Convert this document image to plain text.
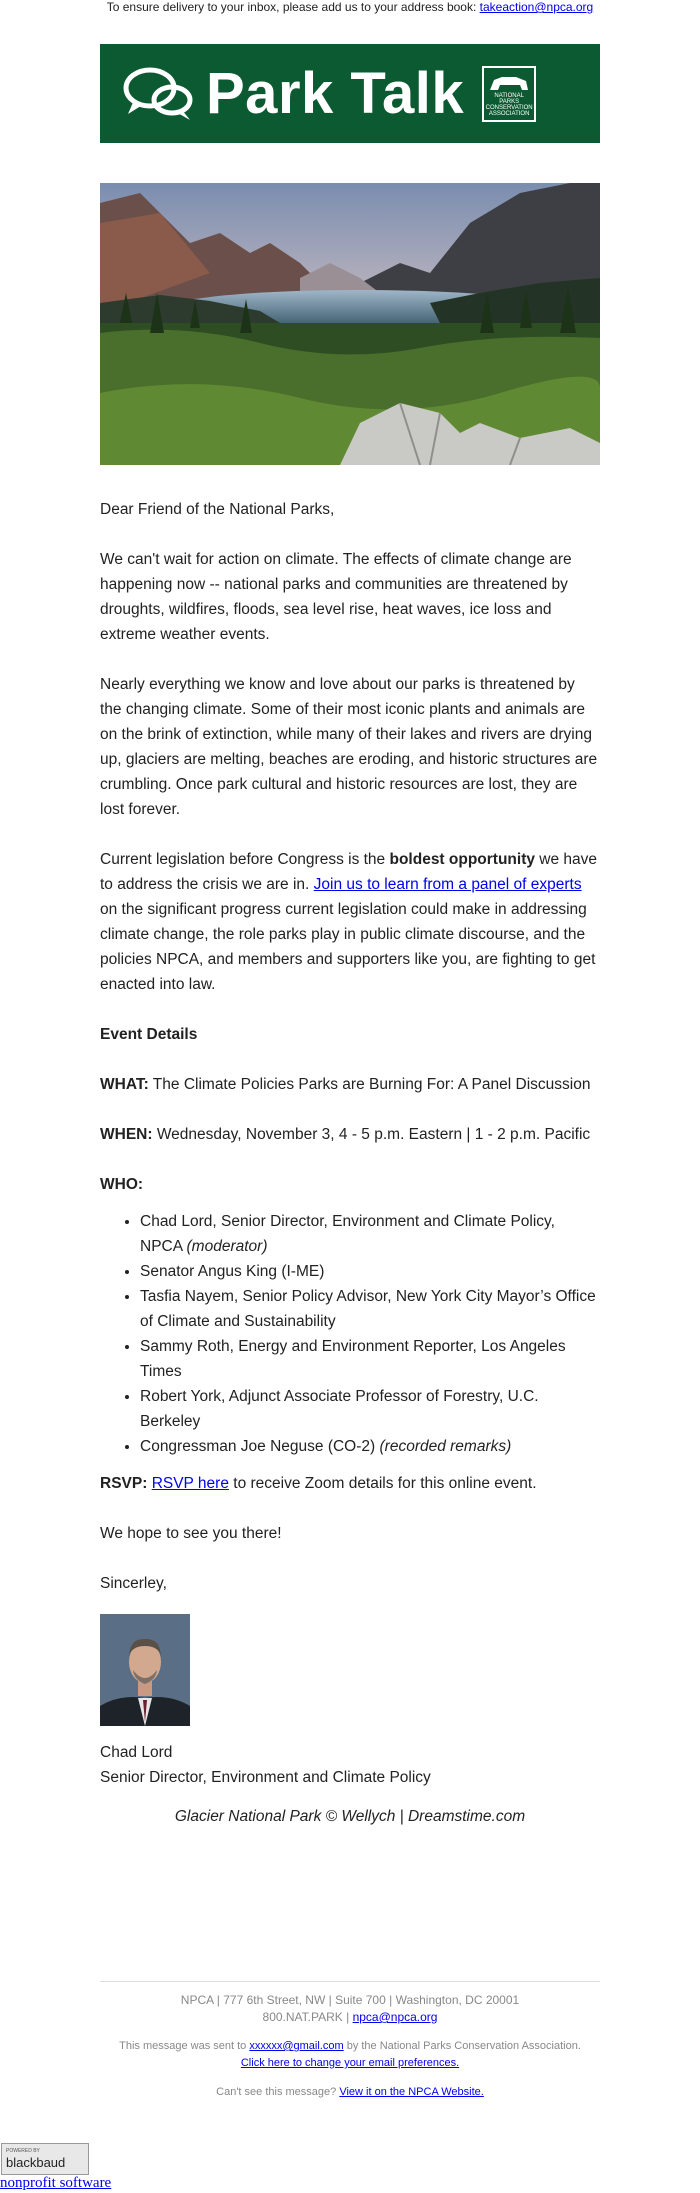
To ensure delivery to your inbox, please add us to your address book: takeaction@npca.org
Park Talk	NATIONAL PARKS CONSERVATION ASSOCIATION

Dear Friend of the National Parks,

We can't wait for action on climate. The effects of climate change are happening now -- national parks and communities are threatened by droughts, wildfires, floods, sea level rise, heat waves, ice loss and extreme weather events.

Nearly everything we know and love about our parks is threatened by the changing climate. Some of their most iconic plants and animals are on the brink of extinction, while many of their lakes and rivers are drying up, glaciers are melting, beaches are eroding, and historic structures are crumbling. Once park cultural and historic resources are lost, they are lost forever.

Current legislation before Congress is the boldest opportunity we have to address the crisis we are in. Join us to learn from a panel of experts on the significant progress current legislation could make in addressing climate change, the role parks play in public climate discourse, and the policies NPCA, and members and supporters like you, are fighting to get enacted into law.

Event Details

WHAT: The Climate Policies Parks are Burning For: A Panel Discussion

WHEN: Wednesday, November 3, 4 - 5 p.m. Eastern | 1 - 2 p.m. Pacific

WHO:

• Chad Lord, Senior Director, Environment and Climate Policy, NPCA (moderator)
• Senator Angus King (I-ME)
• Tasfia Nayem, Senior Policy Advisor, New York City Mayor’s Office of Climate and Sustainability
• Sammy Roth, Energy and Environment Reporter, Los Angeles Times
• Robert York, Adjunct Associate Professor of Forestry, U.C. Berkeley
• Congressman Joe Neguse (CO-2) (recorded remarks)

RSVP: RSVP here to receive Zoom details for this online event.

We hope to see you there!

Sincerley,

Chad Lord
Senior Director, Environment and Climate Policy

Glacier National Park © Wellych | Dreamstime.com

NPCA | 777 6th Street, NW | Suite 700 | Washington, DC 20001
800.NAT.PARK | npca@npca.org

This message was sent to xxxxxx@gmail.com by the National Parks Conservation Association.
Click here to change your email preferences.

Can't see this message? View it on the NPCA Website.

POWERED BY
blackbaud
nonprofit software
